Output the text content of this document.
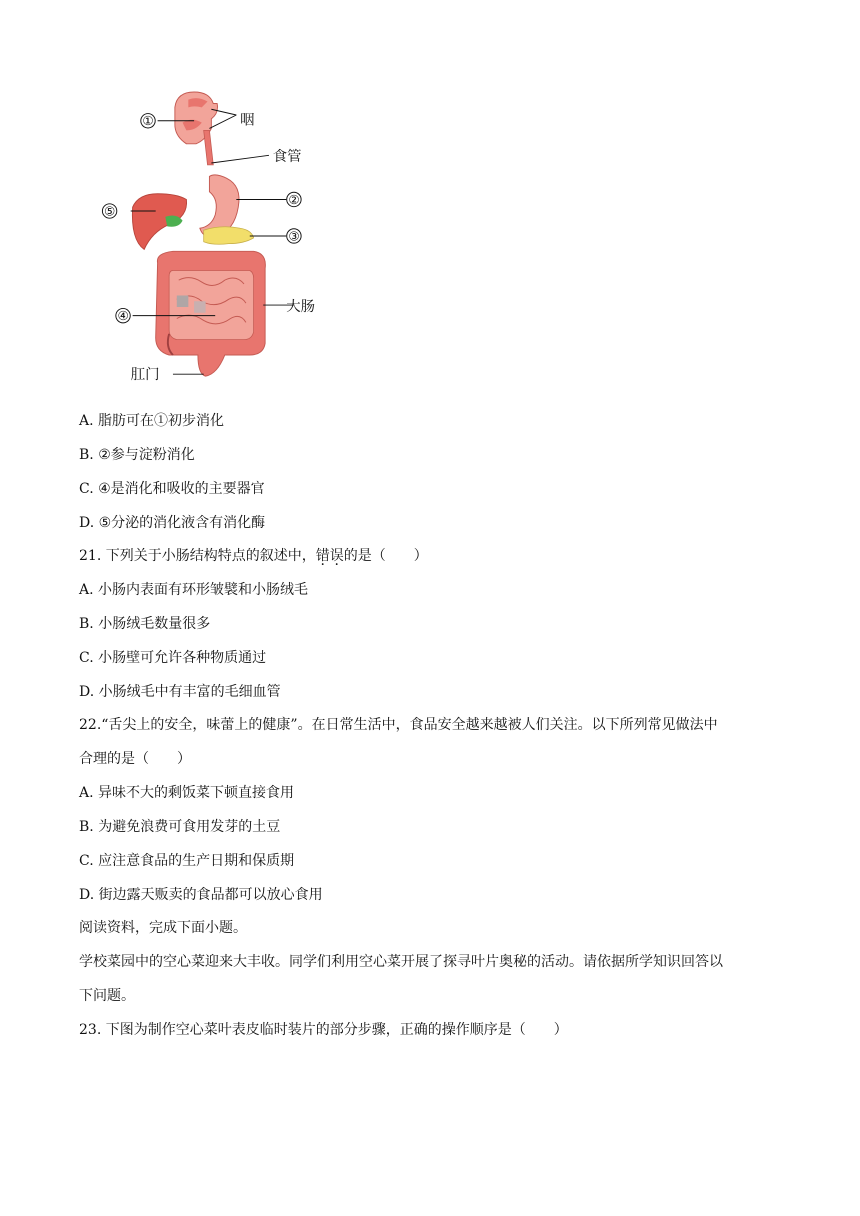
①	咽
食管
②
⑤
③
④
大肠
肛门
A. 脂肪可在①初步消化
B. ②参与淀粉消化
C. ④是消化和吸收的主要器官
D. ⑤分泌的消化液含有消化酶
21. 下列关于小肠结构特点的叙述中，错误的是（　　）
A. 小肠内表面有环形皱襞和小肠绒毛
B. 小肠绒毛数量很多
C. 小肠壁可允许各种物质通过
D. 小肠绒毛中有丰富的毛细血管
22.“舌尖上的安全，味蕾上的健康”。在日常生活中，食品安全越来越被人们关注。以下所列常见做法中
合理的是（　　）
A. 异味不大的剩饭菜下顿直接食用
B. 为避免浪费可食用发芽的土豆
C. 应注意食品的生产日期和保质期
D. 街边露天贩卖的食品都可以放心食用
阅读资料，完成下面小题。
学校菜园中的空心菜迎来大丰收。同学们利用空心菜开展了探寻叶片奥秘的活动。请依据所学知识回答以
下问题。
23. 下图为制作空心菜叶表皮临时装片的部分步骤，正确的操作顺序是（　　）
